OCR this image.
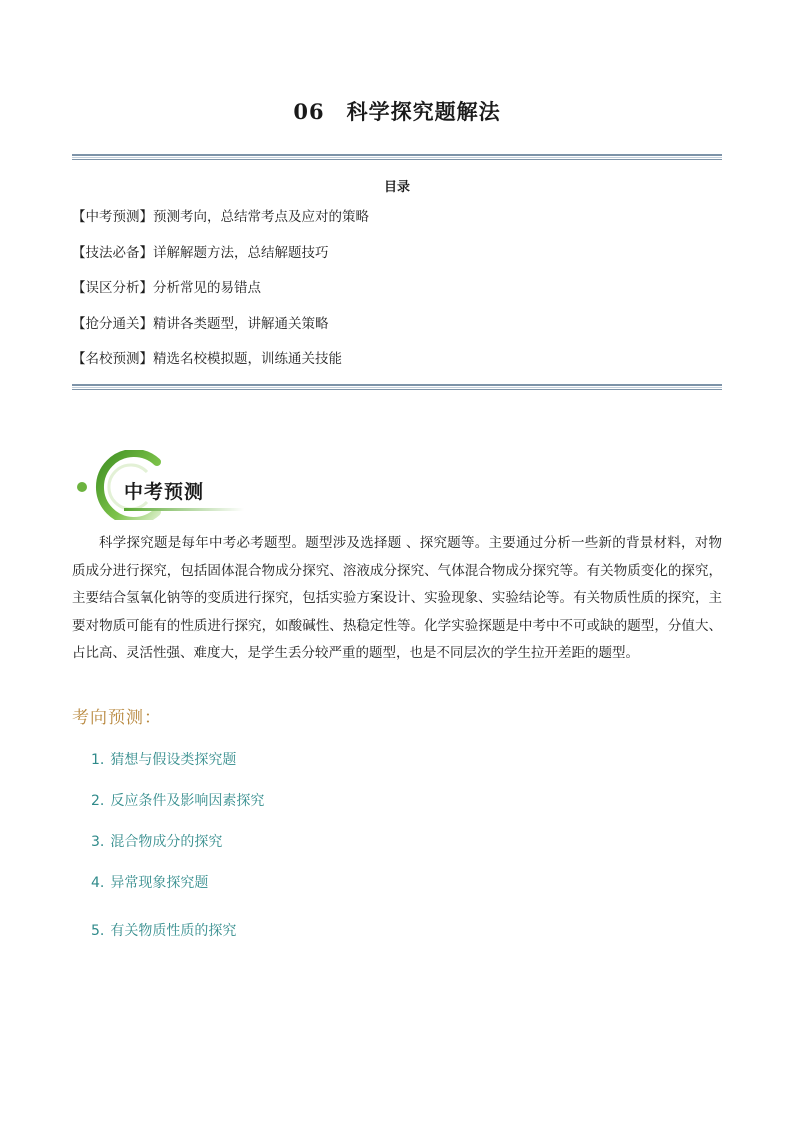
06 科学探究题解法
目录
【中考预测】预测考向，总结常考点及应对的策略
【技法必备】详解解题方法，总结解题技巧
【误区分析】分析常见的易错点
【抢分通关】精讲各类题型，讲解通关策略
【名校预测】精选名校模拟题，训练通关技能
中考预测

科学探究题是每年中考必考题型。题型涉及选择题 、探究题等。主要通过分析一些新的背景材料，对物质成分进行探究，包括固体混合物成分探究、溶液成分探究、气体混合物成分探究等。有关物质变化的探究，主要结合氢氧化钠等的变质进行探究，包括实验方案设计、实验现象、实验结论等。有关物质性质的探究，主要对物质可能有的性质进行探究，如酸碱性、热稳定性等。化学实验探题是中考中不可或缺的题型，分值大、占比高、灵活性强、难度大，是学生丢分较严重的题型，也是不同层次的学生拉开差距的题型。

考向预测：
1. 猜想与假设类探究题
2. 反应条件及影响因素探究
3. 混合物成分的探究
4. 异常现象探究题
5. 有关物质性质的探究
